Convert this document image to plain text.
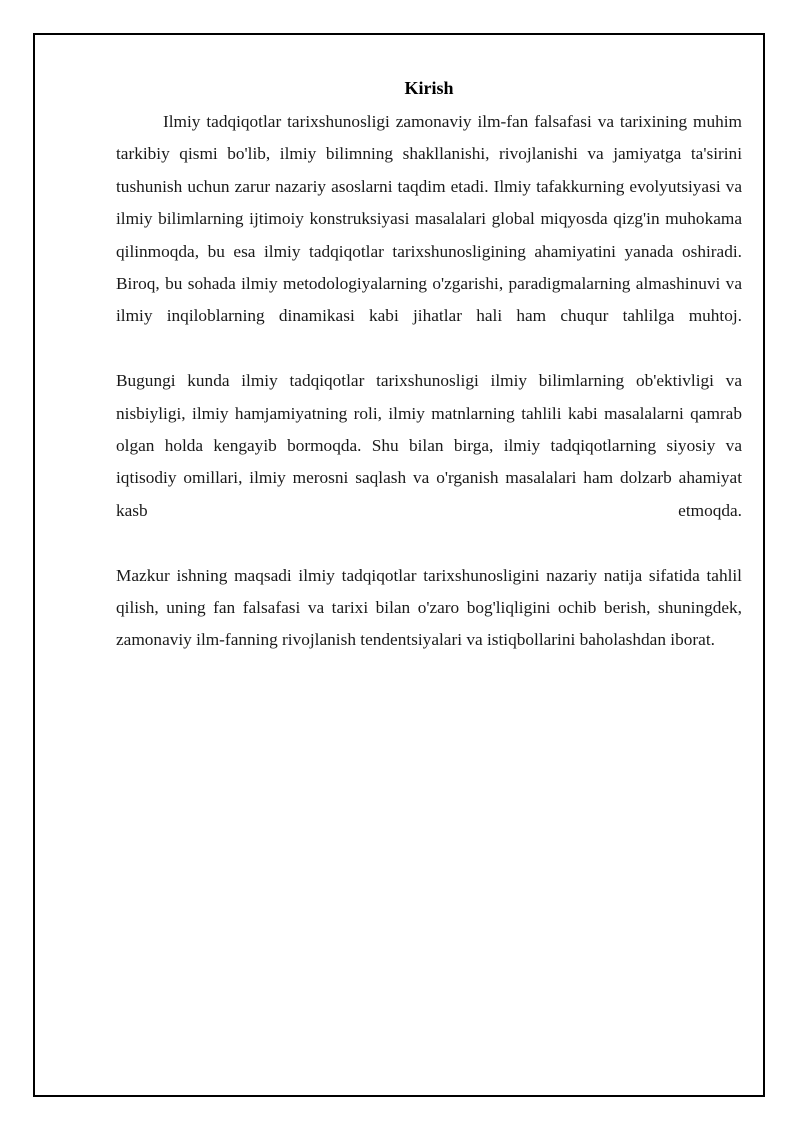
Kirish

Ilmiy tadqiqotlar tarixshunosligi zamonaviy ilm-fan falsafasi va tarixining muhim tarkibiy qismi bo'lib, ilmiy bilimning shakllanishi, rivojlanishi va jamiyatga ta'sirini tushunish uchun zarur nazariy asoslarni taqdim etadi. Ilmiy tafakkurning evolyutsiyasi va ilmiy bilimlarning ijtimoiy konstruksiyasi masalalari global miqyosda qizg'in muhokama qilinmoqda, bu esa ilmiy tadqiqotlar tarixshunosligining ahamiyatini yanada oshiradi. Biroq, bu sohada ilmiy metodologiyalarning o'zgarishi, paradigmalarning almashinuvi va ilmiy inqiloblarning dinamikasi kabi jihatlar hali ham chuqur tahlilga muhtoj.

Bugungi kunda ilmiy tadqiqotlar tarixshunosligi ilmiy bilimlarning ob'ektivligi va nisbiyligi, ilmiy hamjamiyatning roli, ilmiy matnlarning tahlili kabi masalalarni qamrab olgan holda kengayib bormoqda. Shu bilan birga, ilmiy tadqiqotlarning siyosiy va iqtisodiy omillari, ilmiy merosni saqlash va o'rganish masalalari ham dolzarb ahamiyat kasb etmoqda.

Mazkur ishning maqsadi ilmiy tadqiqotlar tarixshunosligini nazariy natija sifatida tahlil qilish, uning fan falsafasi va tarixi bilan o'zaro bog'liqligini ochib berish, shuningdek, zamonaviy ilm-fanning rivojlanish tendentsiyalari va istiqbollarini baholashdan iborat.
